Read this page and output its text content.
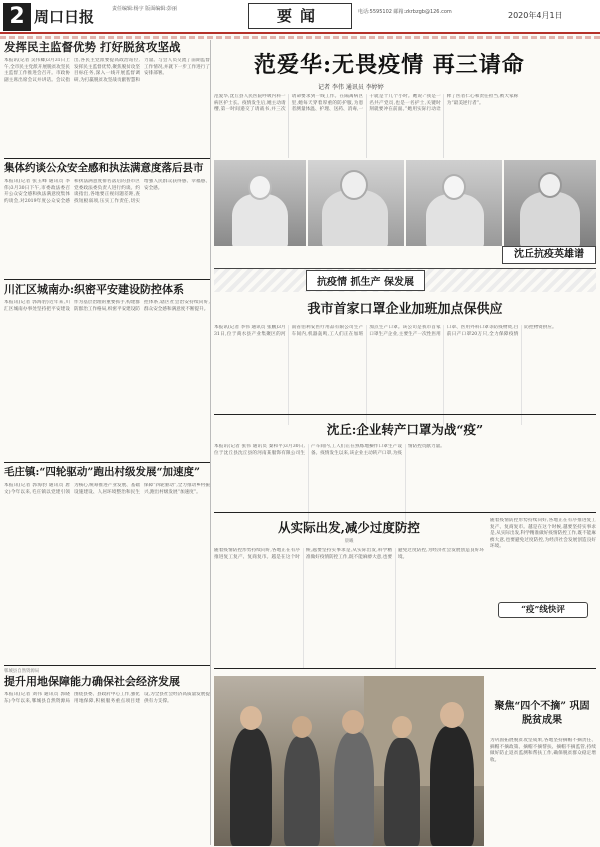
2 周口日报	责任编辑:杨宇 版面编辑:彭丽	要闻	电话:5595102 邮箱:zkrbzgb@126.com	2020年4月1日
发挥民主监督优势 打好脱贫攻坚战
本报讯(记者 吴伟卿)3月31日上午,全市民主党派开展脱贫攻坚民主监督工作推进会召开。市政协副主席出席会议并讲话。会议指出,各民主党派要提高政治站位,发挥民主监督优势,聚焦脱贫攻坚目标任务,深入一线开展监督调研,为打赢脱贫攻坚战贡献智慧和力量。与会人员交流了前期监督工作情况,并就下一步工作进行了安排部署。
集体约谈公众安全感和执法满意度落后县市
本报讯(记者 张玉峰 通讯员 李伟)3月30日下午,市委政法委召开公众安全感和执法满意度集体约谈会,对2019年度公众安全感和执法满意度排名落后的县市区党委政法委负责人进行约谈。约谈指出,各地要正视问题差距,查找短板弱项,压实工作责任,切实增强人民群众获得感、幸福感、安全感。
川汇区城南办:织密平安建设防控体系
本报讯(记者 郭海豹)近年来,川汇区城南办事处坚持把平安建设作为基层治理的重要抓手,构建群防群治工作格局,织密平安建设防控体系,辖区社会治安持续向好,群众安全感和满意度不断提升。
毛庄镇:“四轮驱动”跑出村级发展“加速度”
本报讯(记者 郭海豹 通讯员 唐文)今年以来,毛庄镇以党建引领为核心,统筹推进产业发展、基础设施建设、人居环境整治和民生保障“四轮驱动”,全力推动乡村振兴,跑出村级发展“加速度”。
郸城县自然资源局
提升用地保障能力确保社会经济发展
本报讯(记者 刘伟 通讯员 郭晓东)今年以来,郸城县自然资源局围绕县委、县政府中心工作,强化用地保障,积极服务重点项目建设,为全县社会经济高质量发展提供有力支撑。
范爱华:无畏疫情 再三请命
记者 李伟 通讯员 李婷婷
范爱华,沈丘县人民医院呼吸内科一病区护士长。疫情发生后,她主动请缨,第一时间递交了请战书,并三次请命要求到一线工作。在隔离病区里,她每天穿着厚重的防护服,为患者测量体温、护理、送药、消毒,一干就是十几个小时。她说:“我是一名共产党员,也是一名护士,关键时刻就要冲在前面。”她用实际行动诠释了医者仁心和责任担当,被大家称为“最美逆行者”。
沈丘抗疫英雄谱
抗疫情 抓生产 保发展
我市首家口罩企业加班加点保供应
本报讯(记者 李伟 通讯员 张鹏)3月31日,位于商水县产业集聚区的河南省佰利安医疗用品有限公司生产车间内,机器轰鸣,工人们正在加班加点生产口罩。该公司是我市首家口罩生产企业,主要生产一次性医用口罩、医用外科口罩等防疫物资,目前日产口罩20万只,全力保障疫情防控物资供应。
沈丘:企业转产口罩为战“疫”
本报讯(记者 张伟 通讯员 秦和平)3月30日,位于沈丘县沈丘县的河南某服饰有限公司生产车间内,工人们正在熟练地操作口罩生产设备。疫情发生以来,该企业主动转产口罩,为疫情防控贡献力量。
从实际出发,减少过度防控
晨曦
随着疫情防控形势持续向好,各地正在有序推进复工复产、复商复市。越是在这个时候,越要坚持实事求是,从实际出发,科学精准做好疫情防控工作,既不能麻痹大意,也要避免过度防控,为经济社会发展创造良好环境。
随着疫情防控形势持续向好,各地正在有序推进复工复产、复商复市。越是在这个时候,越要坚持实事求是,从实际出发,科学精准做好疫情防控工作,既不能麻痹大意,也要避免过度防控,为经济社会发展创造良好环境。
“疫”线快评
聚焦“四个不摘” 巩固脱贫成果
为巩固拓展脱贫攻坚成果,各地坚持摘帽不摘责任、摘帽不摘政策、摘帽不摘帮扶、摘帽不摘监管,持续做好防止返贫监测和帮扶工作,确保脱贫群众稳定增收。
